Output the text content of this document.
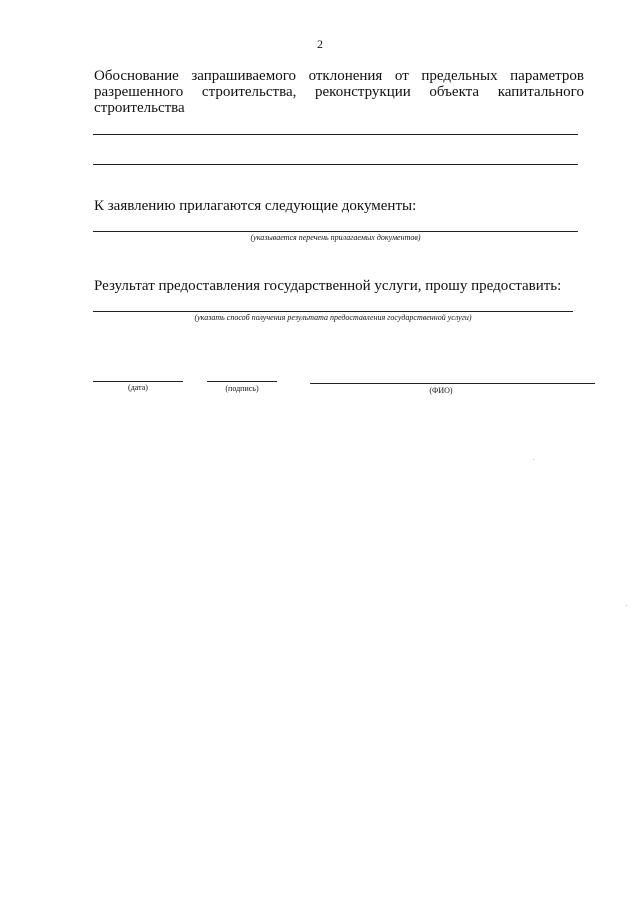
2
Обоснование запрашиваемого отклонения от предельных параметров
разрешенного строительства, реконструкции объекта капитального
строительства
К заявлению прилагаются следующие документы:
(указывается перечень прилагаемых документов)
Результат предоставления государственной услуги, прошу предоставить:
(указать способ получения результата предоставления государственной услуги)
(дата)	(подпись)	(ФИО)
